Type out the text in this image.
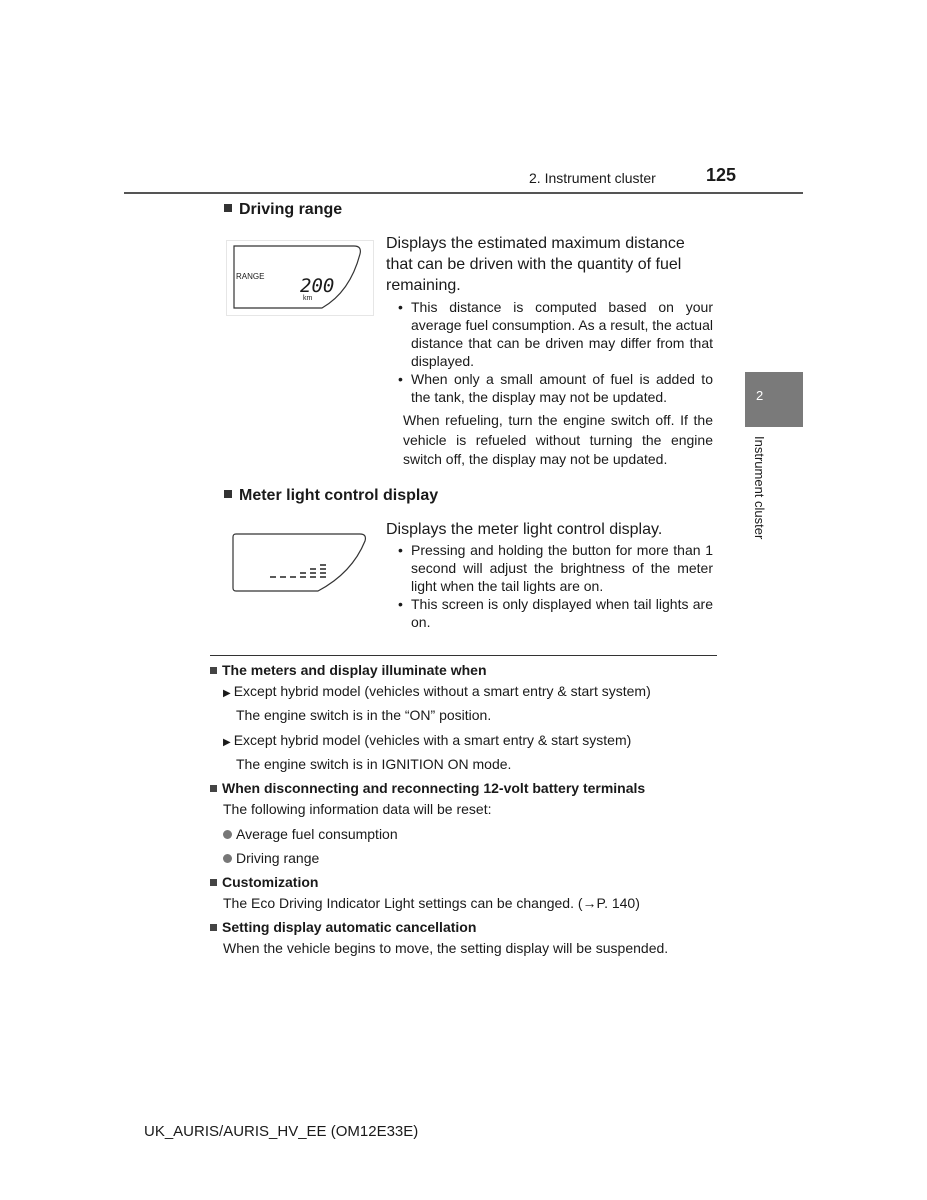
2. Instrument cluster	125
2
Instrument cluster
Driving range
RANGE 200
km
Displays the estimated maximum distance that can be driven with the quantity of fuel remaining.
• This distance is computed based on your average fuel consumption. As a result, the actual distance that can be driven may differ from that displayed.
• When only a small amount of fuel is added to the tank, the display may not be updated.
When refueling, turn the engine switch off. If the vehicle is refueled without turning the engine switch off, the display may not be updated.
Meter light control display
Displays the meter light control display.
• Pressing and holding the button for more than 1 second will adjust the brightness of the meter light when the tail lights are on.
• This screen is only displayed when tail lights are on.
The meters and display illuminate when
▶ Except hybrid model (vehicles without a smart entry & start system)
The engine switch is in the “ON” position.
▶ Except hybrid model (vehicles with a smart entry & start system)
The engine switch is in IGNITION ON mode.
When disconnecting and reconnecting 12-volt battery terminals
The following information data will be reset:
Average fuel consumption
Driving range
Customization
The Eco Driving Indicator Light settings can be changed. (→P. 140)
Setting display automatic cancellation
When the vehicle begins to move, the setting display will be suspended.
UK_AURIS/AURIS_HV_EE (OM12E33E)
